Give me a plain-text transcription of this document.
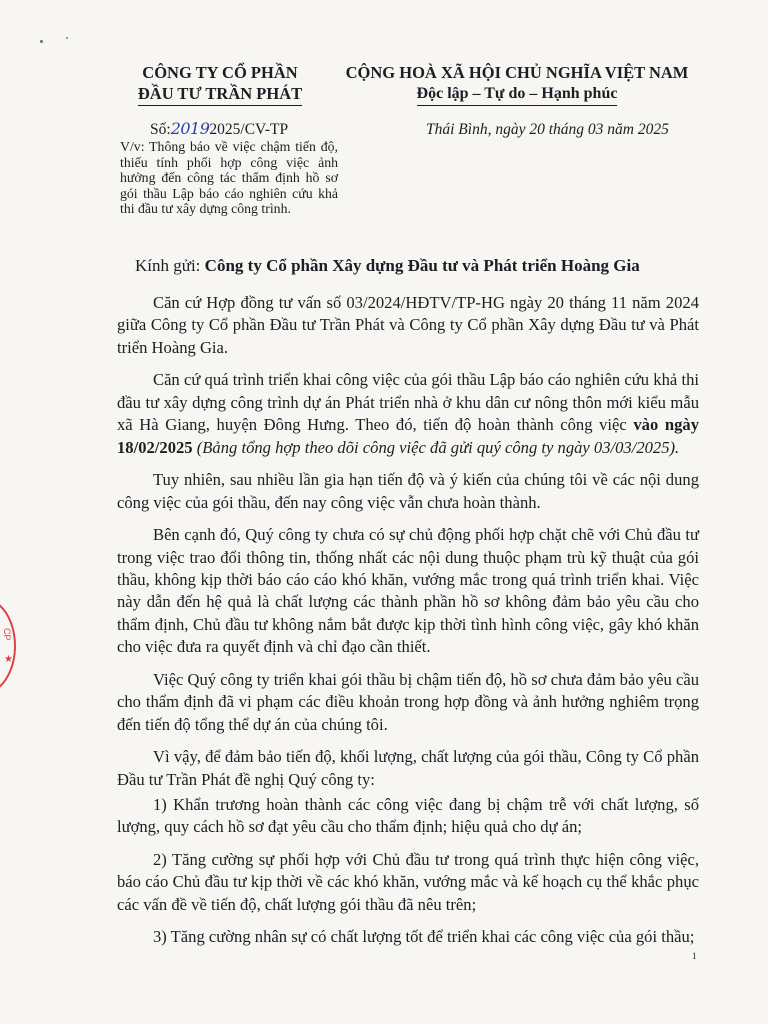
CÔNG TY CỔ PHẦN
ĐẦU TƯ TRẦN PHÁT
CỘNG HOÀ XÃ HỘI CHỦ NGHĨA VIỆT NAM
Độc lập – Tự do – Hạnh phúc
Số:20192025/CV-TP
V/v: Thông báo về việc chậm tiến độ, thiếu tính phối hợp công việc ảnh hưởng đến công tác thẩm định hồ sơ gói thầu Lập báo cáo nghiên cứu khả thi đầu tư xây dựng công trình.
Thái Bình, ngày 20 tháng 03 năm 2025
Kính gửi: Công ty Cổ phần Xây dựng Đầu tư và Phát triển Hoàng Gia

Căn cứ Hợp đồng tư vấn số 03/2024/HĐTV/TP-HG ngày 20 tháng 11 năm 2024 giữa Công ty Cổ phần Đầu tư Trần Phát và Công ty Cổ phần Xây dựng Đầu tư và Phát triển Hoàng Gia.

Căn cứ quá trình triển khai công việc của gói thầu Lập báo cáo nghiên cứu khả thi đầu tư xây dựng công trình dự án Phát triển nhà ở khu dân cư nông thôn mới kiểu mẫu xã Hà Giang, huyện Đông Hưng. Theo đó, tiến độ hoàn thành công việc vào ngày 18/02/2025 (Bảng tổng hợp theo dõi công việc đã gửi quý công ty ngày 03/03/2025).

Tuy nhiên, sau nhiều lần gia hạn tiến độ và ý kiến của chúng tôi về các nội dung công việc của gói thầu, đến nay công việc vẫn chưa hoàn thành.

Bên cạnh đó, Quý công ty chưa có sự chủ động phối hợp chặt chẽ với Chủ đầu tư trong việc trao đổi thông tin, thống nhất các nội dung thuộc phạm trù kỹ thuật của gói thầu, không kịp thời báo cáo cáo khó khăn, vướng mắc trong quá trình triển khai. Việc này dẫn đến hệ quả là chất lượng các thành phần hồ sơ không đảm bảo yêu cầu cho thẩm định, Chủ đầu tư không nắm bắt được kịp thời tình hình công việc, gây khó khăn cho việc đưa ra quyết định và chỉ đạo cần thiết.

Việc Quý công ty triển khai gói thầu bị chậm tiến độ, hồ sơ chưa đảm bảo yêu cầu cho thẩm định đã vi phạm các điều khoản trong hợp đồng và ảnh hưởng nghiêm trọng đến tiến độ tổng thể dự án của chúng tôi.

Vì vậy, để đảm bảo tiến độ, khối lượng, chất lượng của gói thầu, Công ty Cổ phần Đầu tư Trần Phát đề nghị Quý công ty:

1) Khẩn trương hoàn thành các công việc đang bị chậm trễ với chất lượng, số lượng, quy cách hồ sơ đạt yêu cầu cho thẩm định; hiệu quả cho dự án;

2) Tăng cường sự phối hợp với Chủ đầu tư trong quá trình thực hiện công việc, báo cáo Chủ đầu tư kịp thời về các khó khăn, vướng mắc và kế hoạch cụ thể khắc phục các vấn đề về tiến độ, chất lượng gói thầu đã nêu trên;

3) Tăng cường nhân sự có chất lượng tốt để triển khai các công việc của gói thầu;

CP
★
1
